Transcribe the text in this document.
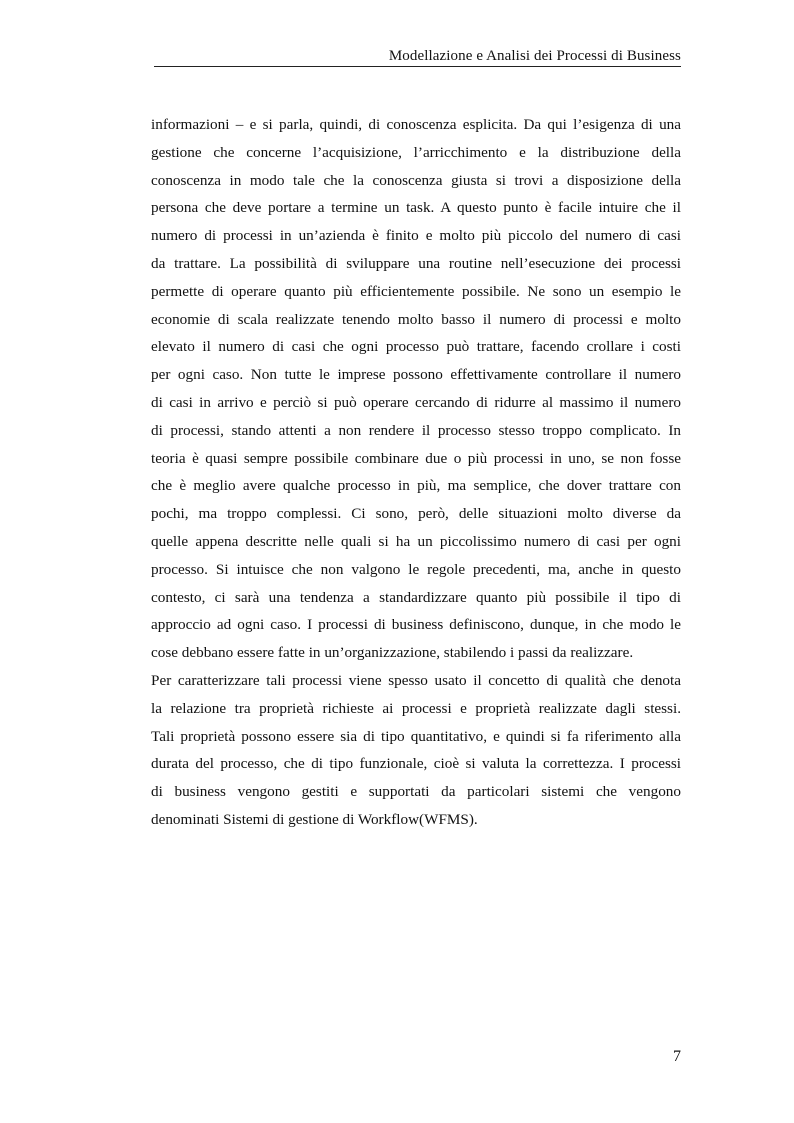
Modellazione e Analisi dei Processi di Business

informazioni – e si parla, quindi, di conoscenza esplicita. Da qui l’esigenza di una
gestione che concerne l’acquisizione, l’arricchimento e la distribuzione della
conoscenza in modo tale che la conoscenza giusta si trovi a disposizione della
persona che deve portare a termine un task. A questo punto è facile intuire che il
numero di processi in un’azienda è finito e molto più piccolo del numero di casi
da trattare. La possibilità di sviluppare una routine nell’esecuzione dei processi
permette di operare quanto più efficientemente possibile. Ne sono un esempio le
economie di scala realizzate tenendo molto basso il numero di processi e molto
elevato il numero di casi che ogni processo può trattare, facendo crollare i costi
per ogni caso. Non tutte le imprese possono effettivamente controllare il numero
di casi in arrivo e perciò si può operare cercando di ridurre al massimo il numero
di processi, stando attenti a non rendere il processo stesso troppo complicato. In
teoria è quasi sempre possibile combinare due o più processi in uno, se non fosse
che è meglio avere qualche processo in più, ma semplice, che dover trattare con
pochi, ma troppo complessi. Ci sono, però, delle situazioni molto diverse da
quelle appena descritte nelle quali si ha un piccolissimo numero di casi per ogni
processo. Si intuisce che non valgono le regole precedenti, ma, anche in questo
contesto, ci sarà una tendenza a standardizzare quanto più possibile il tipo di
approccio ad ogni caso. I processi di business definiscono, dunque, in che modo le
cose debbano essere fatte in un’organizzazione, stabilendo i passi da realizzare.

Per caratterizzare tali processi viene spesso usato il concetto di qualità che denota
la relazione tra proprietà richieste ai processi e proprietà realizzate dagli stessi.
Tali proprietà possono essere sia di tipo quantitativo, e quindi si fa riferimento alla
durata del processo, che di tipo funzionale, cioè si valuta la correttezza. I processi
di business vengono gestiti e supportati da particolari sistemi che vengono
denominati Sistemi di gestione di Workflow(WFMS).

7
